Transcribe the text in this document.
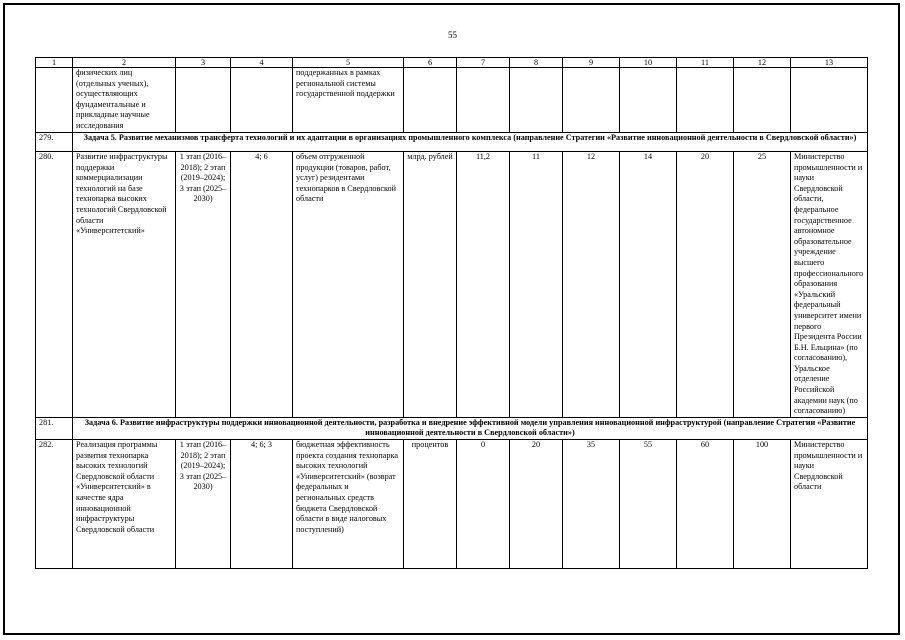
55
1	2	3	4	5	6	7	8	9	10	11	12	13
	физических лиц (отдельных ученых), осуществляющих фундаментальные и прикладные научные исследования			поддержанных в рамках региональной системы государственной поддержки								
279.	Задача 5. Развитие механизмов трансферта технологий и их адаптации в организациях промышленного комплекса (направление Стратегии «Развитие инновационной деятельности в Свердловской области»)											
280.	Развитие инфраструктуры поддержки коммерциализации технологий на базе технопарка высоких технологий Свердловской области «Университетский»	1 этап (2016–2018); 2 этап (2019–2024); 3 этап (2025–2030)	4; 6	объем отгруженной продукции (товаров, работ, услуг) резидентами технопарков в Свердловской области	млрд. рублей	11,2	11	12	14	20	25	Министерство промышленности и науки Свердловской области, федеральное государственное автономное образовательное учреждение высшего профессионального образования «Уральский федеральный университет имени первого Президента России Б.Н. Ельцина» (по согласованию), Уральское отделение Российской академии наук (по согласованию)
281.	Задача 6. Развитие инфраструктуры поддержки инновационной деятельности, разработка и внедрение эффективной модели управления инновационной инфраструктурой (направление Стратегии «Развитие инновационной деятельности в Свердловской области»)											
282.	Реализация программы развития технопарка высоких технологий Свердловской области «Университетский» в качестве ядра инновационной инфраструктуры Свердловской области	1 этап (2016–2018); 2 этап (2019–2024); 3 этап (2025–2030)	4; 6; 3	бюджетная эффективность проекта создания технопарка высоких технологий «Университетский» (возврат федеральных и региональных средств бюджета Свердловской области в виде налоговых поступлений)	процентов	0	20	35	55	60	100	Министерство промышленности и науки Свердловской области
